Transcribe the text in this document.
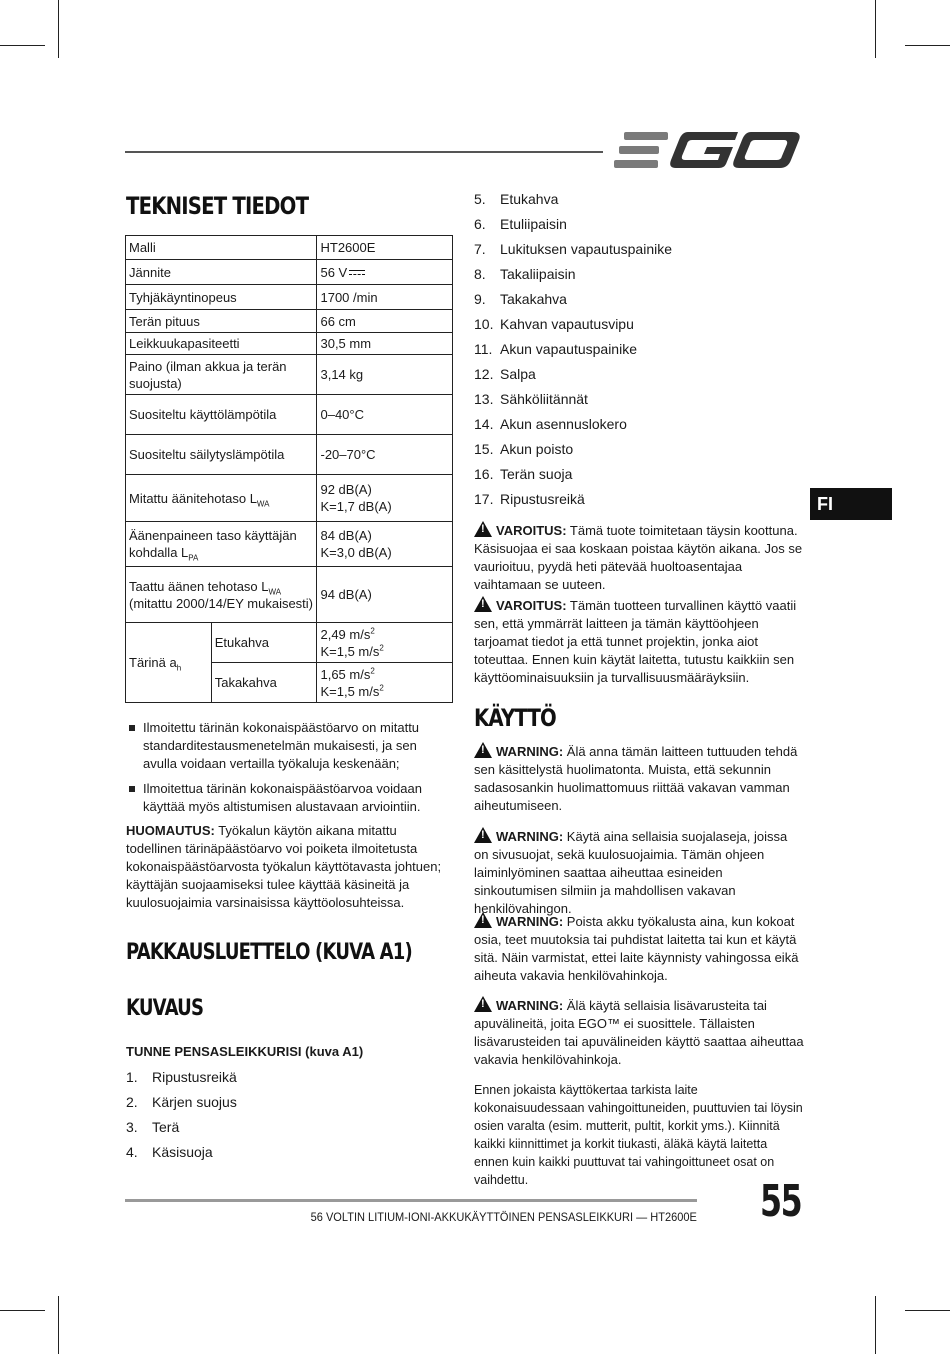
TEKNISET TIEDOT
Malli		HT2600E
Jännite		56 V
Tyhjäkäyntinopeus		1700 /min
Terän pituus		66 cm
Leikkuukapasiteetti		30,5 mm
Paino (ilman akkua ja terän suojusta)		3,14 kg
Suositeltu käyttölämpötila		0–40°C
Suositeltu säilytyslämpötila		-20–70°C
Mitattu äänitehotaso $L_{WA}$		92 dB(A)
K=1,7 dB(A)
Äänenpaineen taso käyttäjän
kohdalla $L_{PA}$		84 dB(A)
K=3,0 dB(A)
Taattu äänen tehotaso $L_{WA}$
(mitattu 2000/14/EY mukaisesti)		94 dB(A)
Tärinä $a_h$	Etukahva	2,49 $m/s^2$
K=1,5 $m/s^2$
	Takakahva	1,65 $m/s^2$
K=1,5 $m/s^2$
Ilmoitettu tärinän kokonaispäästöarvo on mitattu standarditestausmenetelmän mukaisesti, ja sen avulla voidaan vertailla työkaluja keskenään;
Ilmoitettua tärinän kokonaispäästöarvoa voidaan käyttää myös altistumisen alustavaan arviointiin.
HUOMAUTUS: Työkalun käytön aikana mitattu todellinen tärinäpäästöarvo voi poiketa ilmoitetusta kokonaispäästöarvosta työkalun käyttötavasta johtuen; käyttäjän suojaamiseksi tulee käyttää käsineitä ja kuulosuojaimia varsinaisissa käyttöolosuhteissa.
PAKKAUSLUETTELO (KUVA A1)
KUVAUS
TUNNE PENSASLEIKKURISI (kuva A1)
1. Ripustusreikä
2. Kärjen suojus
3. Terä
4. Käsisuoja
5. Etukahva
6. Etuliipaisin
7. Lukituksen vapautuspainike
8. Takaliipaisin
9. Takakahva
10. Kahvan vapautusvipu
11. Akun vapautuspainike
12. Salpa
13. Sähköliitännät
14. Akun asennuslokero
15. Akun poisto
16. Terän suoja
17. Ripustusreikä	FI
!VAROITUS: Tämä tuote toimitetaan täysin koottuna. Käsisuojaa ei saa koskaan poistaa käytön aikana. Jos se vaurioituu, pyydä heti pätevää huoltoasentajaa vaihtamaan se uuteen.
!VAROITUS: Tämän tuotteen turvallinen käyttö vaatii sen, että ymmärrät laitteen ja tämän käyttöohjeen tarjoamat tiedot ja että tunnet projektin, jonka aiot toteuttaa. Ennen kuin käytät laitetta, tutustu kaikkiin sen käyttöominaisuuksiin ja turvallisuusmääräyksiin.
KÄYTTÖ
!WARNING: Älä anna tämän laitteen tuttuuden tehdä sen käsittelystä huolimatonta. Muista, että sekunnin sadasosankin huolimattomuus riittää vakavan vamman aiheutumiseen.
!WARNING: Käytä aina sellaisia suojalaseja, joissa on sivusuojat, sekä kuulosuojaimia. Tämän ohjeen laiminlyöminen saattaa aiheuttaa esineiden sinkoutumisen silmiin ja mahdollisen vakavan henkilövahingon.
!WARNING: Poista akku työkalusta aina, kun kokoat osia, teet muutoksia tai puhdistat laitetta tai kun et käytä sitä. Näin varmistat, ettei laite käynnisty vahingossa eikä aiheuta vakavia henkilövahinkoja.
!WARNING: Älä käytä sellaisia lisävarusteita tai apuvälineitä, joita EGO™ ei suosittele. Tällaisten lisävarusteiden tai apuvälineiden käyttö saattaa aiheuttaa vakavia henkilövahinkoja.
Ennen jokaista käyttökertaa tarkista laite kokonaisuudessaan vahingoittuneiden, puuttuvien tai löysin osien varalta (esim. mutterit, pultit, korkit yms.). Kiinnitä kaikki kiinnittimet ja korkit tiukasti, äläkä käytä laitetta ennen kuin kaikki puuttuvat tai vahingoittuneet osat on vaihdettu.
56 VOLTIN LITIUM-IONI-AKKUKÄYTTÖINEN PENSASLEIKKURI — HT2600E 55
